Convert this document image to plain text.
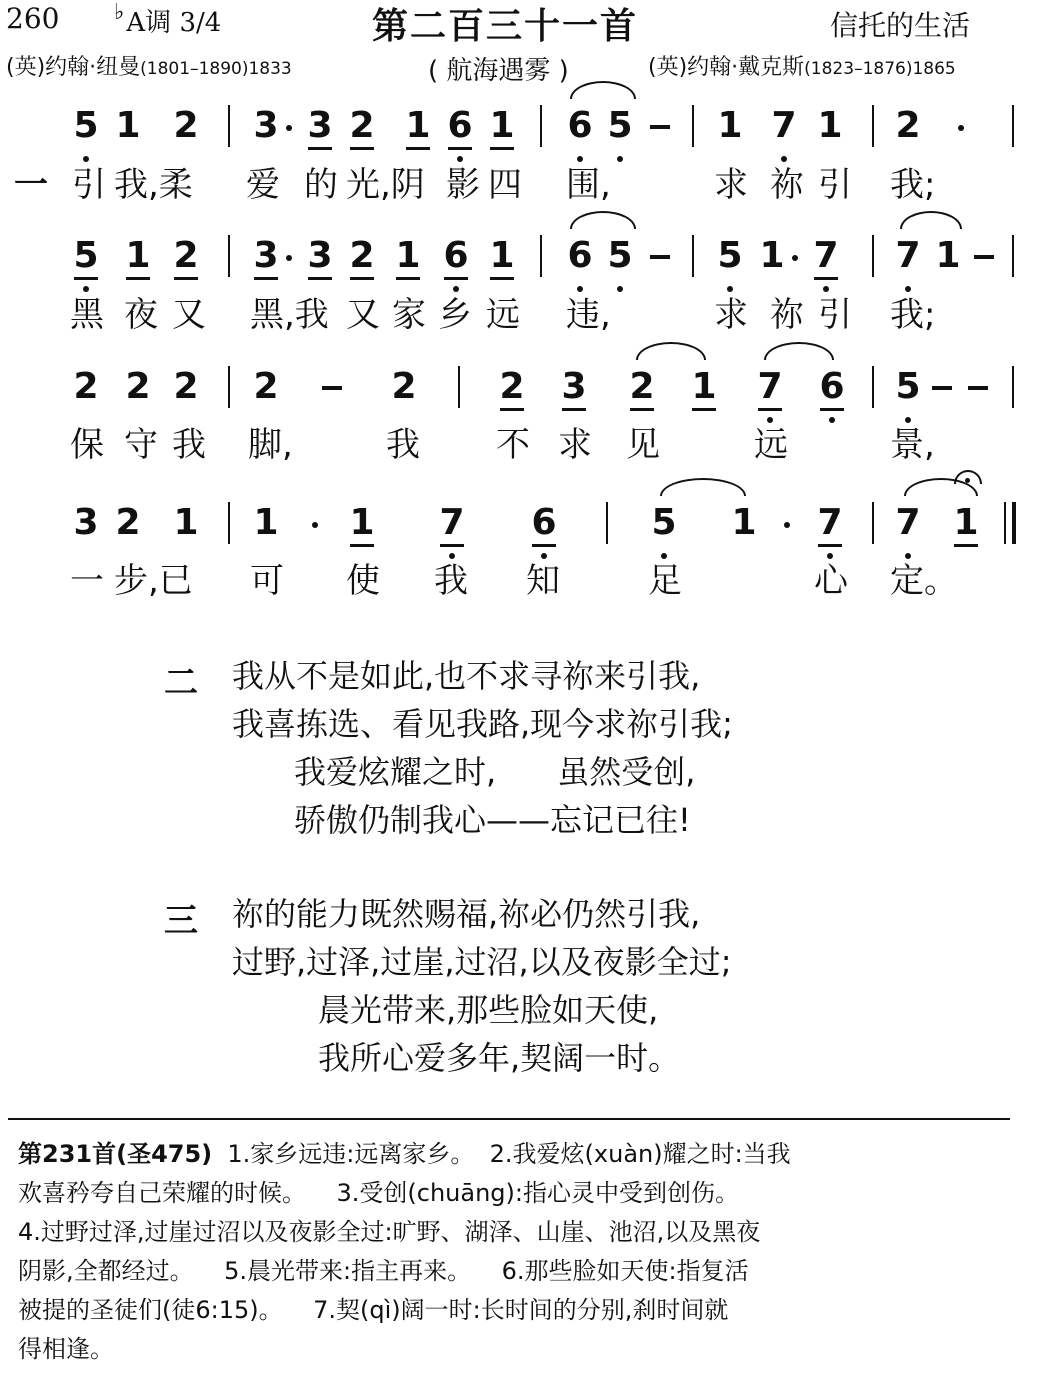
260 ♭A调 3/4	第二百三十一首	信托的生活
(英)约翰·纽曼(1801–1890)1833	( 航海遇雾 )	(英)约翰·戴克斯(1823–1876)1865
5 1 2 3 3 2 1 6 1 6 5 1 7 1 2
一 引 我,柔 爱 的 光,阴 影 四 围,	求 祢 引 我;
5 1 2 3 3 2 1 6 1 6 5 5 1 7 7 1
黑 夜 又 黑,我 又 家 乡 远 违,	求 祢 引 我;
2 2 2 2	2 2 3 2 1 7 6 5
保 守 我 脚,	我 不 求 见	远	景,
3 2 1 1 1 7 6	5 1 7 7 1
一 步,已 可 使 我 知	足	心 定。
二 我从不是如此,也不求寻祢来引我,
我喜拣选、看见我路,现今求祢引我;
我爱炫耀之时,      虽然受创,
骄傲仍制我心——忘记已往!
三 祢的能力既然赐福,祢必仍然引我,
过野,过泽,过崖,过沼,以及夜影全过;
晨光带来,那些脸如天使,
我所心爱多年,契阔一时。
第231首(圣475)  1.家乡远违:远离家乡。  2.我爱炫(xuàn)耀之时:当我
欢喜矜夸自己荣耀的时候。    3.受创(chuāng):指心灵中受到创伤。
4.过野过泽,过崖过沼以及夜影全过:旷野、湖泽、山崖、池沼,以及黑夜
阴影,全都经过。    5.晨光带来:指主再来。    6.那些脸如天使:指复活
被提的圣徒们(徒6:15)。    7.契(qì)阔一时:长时间的分别,刹时间就
得相逢。
